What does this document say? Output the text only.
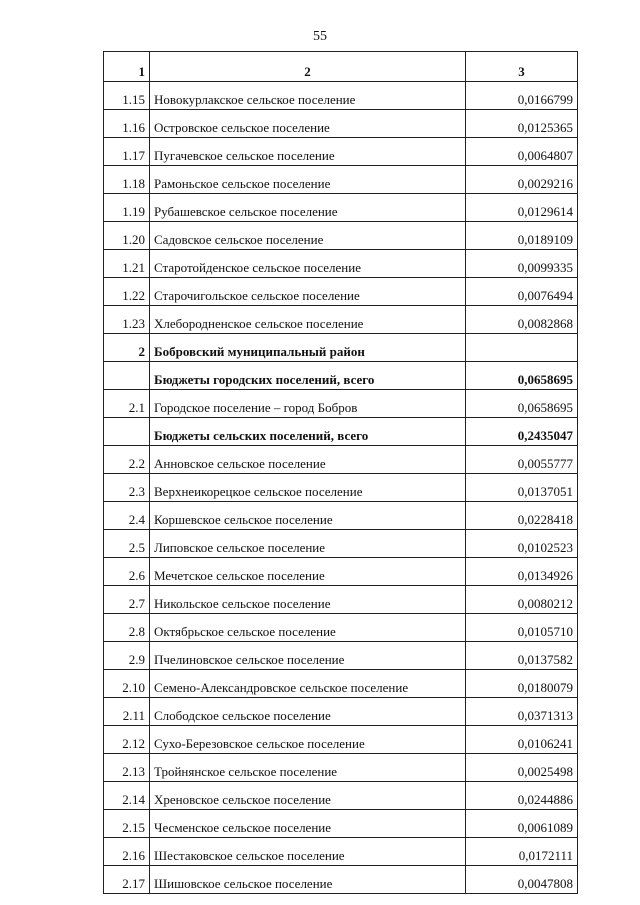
55
1	2	3
1.15	Новокурлакское сельское поселение	0,0166799
1.16	Островское сельское поселение	0,0125365
1.17	Пугачевское сельское поселение	0,0064807
1.18	Рамоньское сельское поселение	0,0029216
1.19	Рубашевское сельское поселение	0,0129614
1.20	Садовское сельское поселение	0,0189109
1.21	Старотойденское сельское поселение	0,0099335
1.22	Старочигольское сельское поселение	0,0076494
1.23	Хлебородненское сельское поселение	0,0082868
2	Бобровский муниципальный район	
	Бюджеты городских поселений, всего	0,0658695
2.1	Городское поселение – город Бобров	0,0658695
	Бюджеты сельских поселений, всего	0,2435047
2.2	Анновское сельское поселение	0,0055777
2.3	Верхнеикорецкое сельское поселение	0,0137051
2.4	Коршевское сельское поселение	0,0228418
2.5	Липовское сельское поселение	0,0102523
2.6	Мечетское сельское поселение	0,0134926
2.7	Никольское сельское поселение	0,0080212
2.8	Октябрьское сельское поселение	0,0105710
2.9	Пчелиновское сельское поселение	0,0137582
2.10	Семено-Александровское сельское поселение	0,0180079
2.11	Слободское сельское поселение	0,0371313
2.12	Сухо-Березовское сельское поселение	0,0106241
2.13	Тройнянское сельское поселение	0,0025498
2.14	Хреновское сельское поселение	0,0244886
2.15	Чесменское сельское поселение	0,0061089
2.16	Шестаковское сельское поселение	0,0172111
2.17	Шишовское сельское поселение	0,0047808
